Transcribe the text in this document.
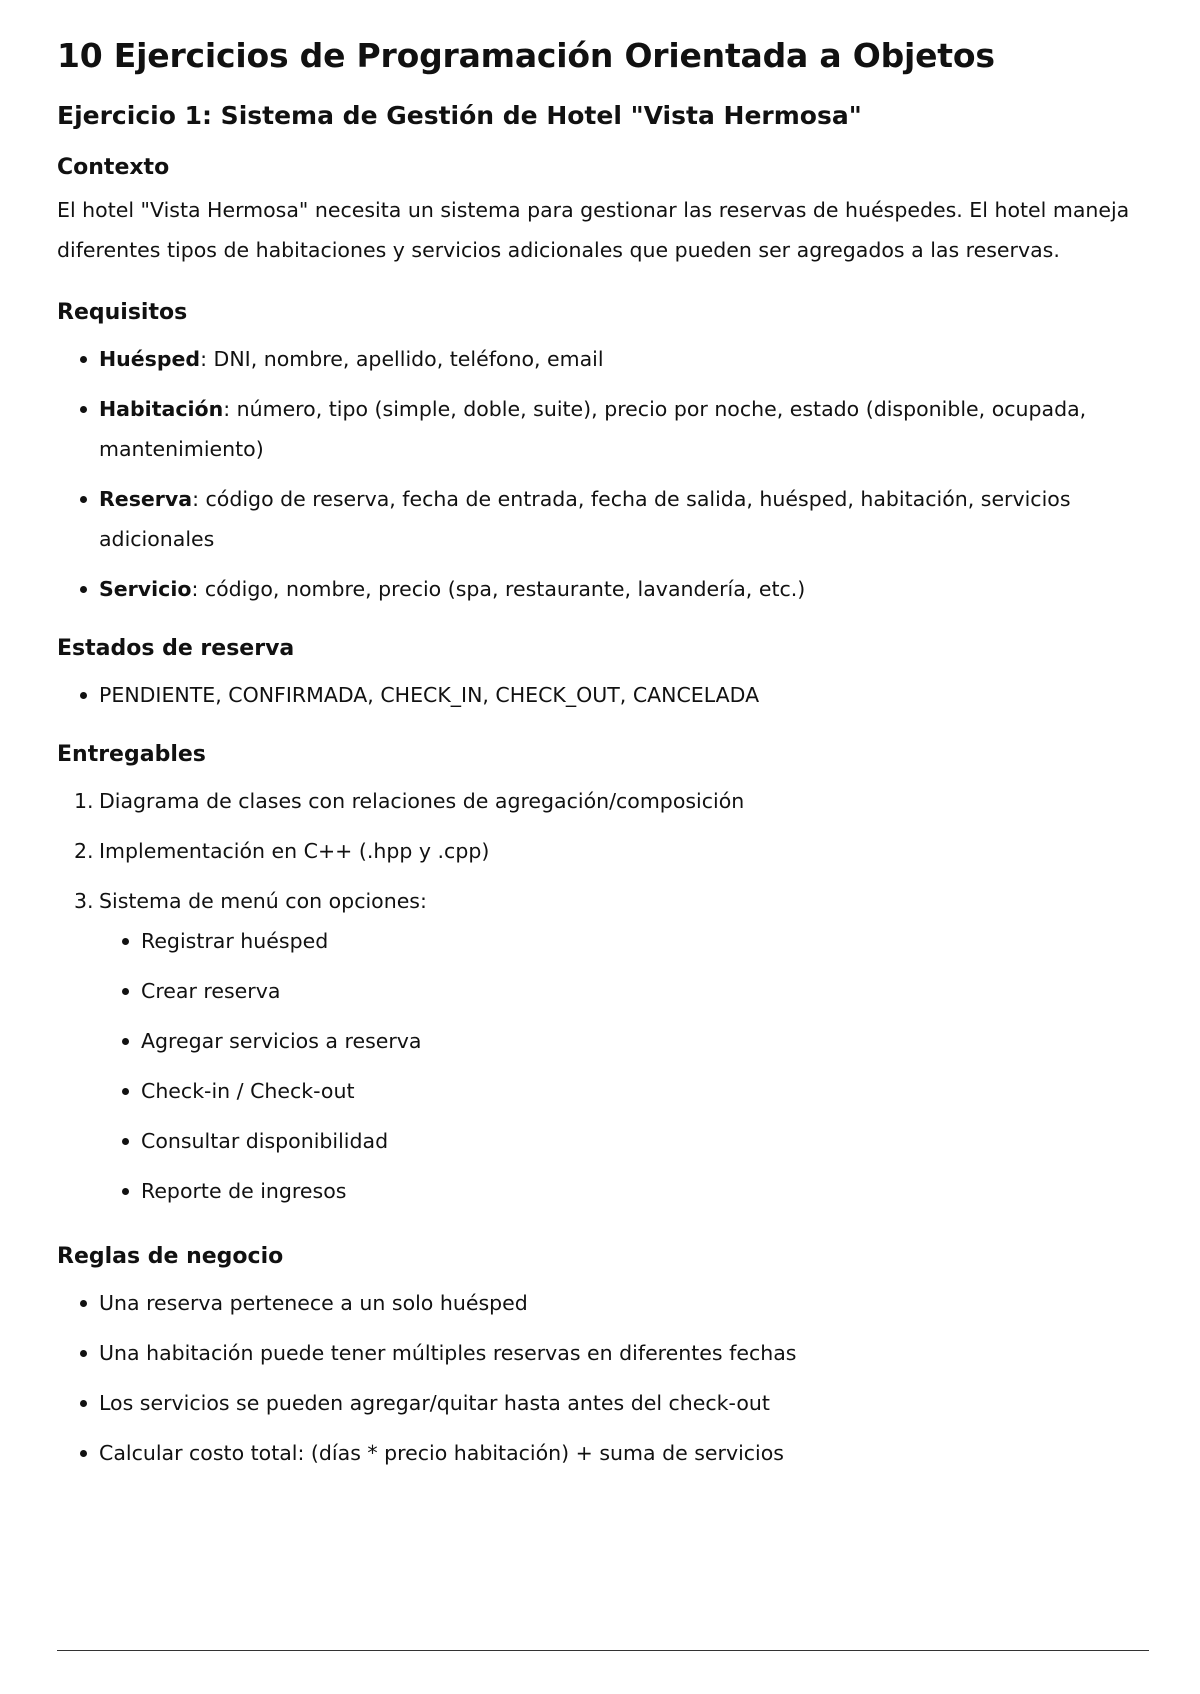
10 Ejercicios de Programación Orientada a Objetos
Ejercicio 1: Sistema de Gestión de Hotel "Vista Hermosa"
Contexto

El hotel "Vista Hermosa" necesita un sistema para gestionar las reservas de huéspedes. El hotel maneja diferentes tipos de habitaciones y servicios adicionales que pueden ser agregados a las reservas.

Requisitos
Huésped: DNI, nombre, apellido, teléfono, email
Habitación: número, tipo (simple, doble, suite), precio por noche, estado (disponible, ocupada, mantenimiento)
Reserva: código de reserva, fecha de entrada, fecha de salida, huésped, habitación, servicios adicionales
Servicio: código, nombre, precio (spa, restaurante, lavandería, etc.)
Estados de reserva
PENDIENTE, CONFIRMADA, CHECK_IN, CHECK_OUT, CANCELADA
Entregables
1. Diagrama de clases con relaciones de agregación/composición
2. Implementación en C++ (.hpp y .cpp)
3. Sistema de menú con opciones:
Registrar huésped
Crear reserva
Agregar servicios a reserva
Check-in / Check-out
Consultar disponibilidad
Reporte de ingresos
Reglas de negocio
Una reserva pertenece a un solo huésped
Una habitación puede tener múltiples reservas en diferentes fechas
Los servicios se pueden agregar/quitar hasta antes del check-out
Calcular costo total: (días * precio habitación) + suma de servicios
